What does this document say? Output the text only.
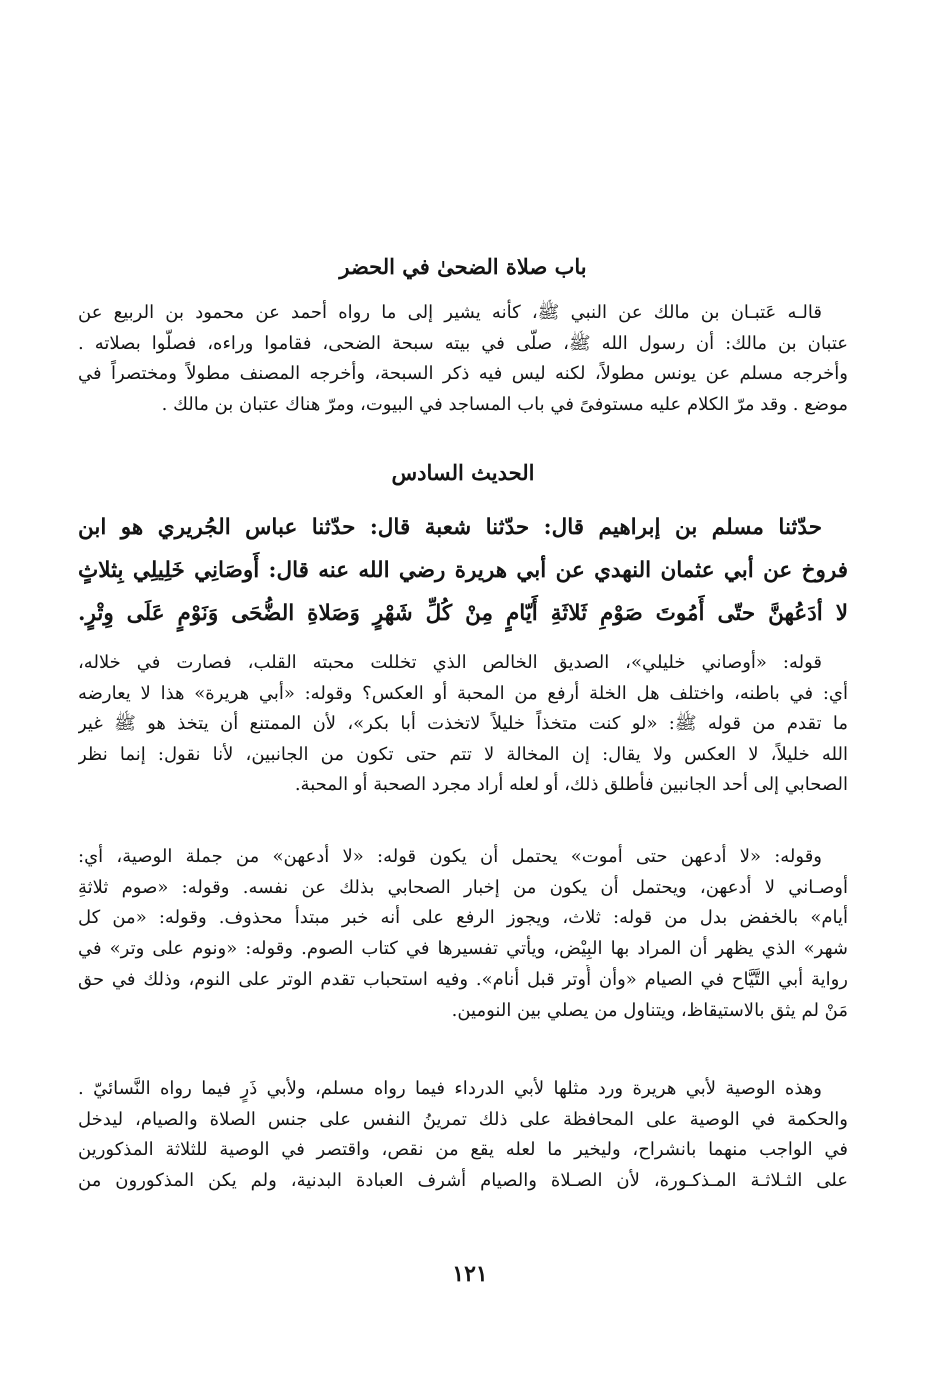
باب صلاة الضحىٰ في الحضر
قالـه عَتبـان بن مالك عن النبي ﷺ، كأنه يشير إلى ما رواه أحمد عن محمود بن الربيع عن
عتبان بن مالك: أن رسول الله ﷺ، صلّى في بيته سبحة الضحى، فقاموا وراءه، فصلّوا بصلاته .
وأخرجه مسلم عن يونس مطولاً، لكنه ليس فيه ذكر السبحة، وأخرجه المصنف مطولاً ومختصراً في
موضع . وقد مرّ الكلام عليه مستوفىً في باب المساجد في البيوت، ومرّ هناك عتبان بن مالك .
الحديث السادس
حدّثنا مسلم بن إبراهيم قال: حدّثنا شعبة قال: حدّثنا عباس الجُريري هو ابن
فروخ عن أبي عثمان النهدي عن أبي هريرة رضي الله عنه قال: أَوصَانِي خَلِيلِي بِثلاثٍ
لا أدَعُهنَّ حتّى أَمُوتَ صَوْمِ ثَلاثَةِ أَيّامٍ مِنْ كُلِّ شَهْرٍ وَصَلاةِ الضُّحَى وَنَوْمٍ عَلَى وِتْرٍ.
قوله: «أوصاني خليلي»، الصديق الخالص الذي تخللت محبته القلب، فصارت في خلاله،
أي: في باطنه، واختلف هل الخلة أرفع من المحبة أو العكس؟ وقوله: «أبي هريرة» هذا لا يعارضه
ما تقدم من قوله ﷺ: «لو كنت متخذاً خليلاً لاتخذت أبا بكر»، لأن الممتنع أن يتخذ هو ﷺ غير
الله خليلاً، لا العكس ولا يقال: إن المخالة لا تتم حتى تكون من الجانبين، لأنا نقول: إنما نظر
الصحابي إلى أحد الجانبين فأطلق ذلك، أو لعله أراد مجرد الصحبة أو المحبة.
وقوله: «لا أدعهن حتى أموت» يحتمل أن يكون قوله: «لا أدعهن» من جملة الوصية، أي:
أوصـاني لا أدعهن، ويحتمل أن يكون من إخبار الصحابي بذلك عن نفسه. وقوله: «صوم ثلاثةِ
أيام» بالخفض بدل من قوله: ثلاث، ويجوز الرفع على أنه خبر مبتدأ محذوف. وقوله: «من كل
شهر» الذي يظهر أن المراد بها البِيْض، ويأتي تفسيرها في كتاب الصوم. وقوله: «ونوم على وتر» في
رواية أبي التَّيَّاح في الصيام «وأن أُوتر قبل أنام». وفيه استحباب تقدم الوتر على النوم، وذلك في حق
مَنْ لم يثق بالاستيقاظ، ويتناول من يصلي بين النومين.
وهذه الوصية لأبي هريرة ورد مثلها لأبي الدرداء فيما رواه مسلم، ولأبي ذَرٍ فيما رواه النَّسائيّ .
والحكمة في الوصية على المحافظة على ذلك تمرينُ النفس على جنس الصلاة والصيام، ليدخل
في الواجب منهما بانشراح، وليخير ما لعله يقع من نقص، واقتصر في الوصية للثلاثة المذكورين
على الثـلاثـة المـذكـورة، لأن الصـلاة والصيام أشرف العبادة البدنية، ولم يكن المذكورون من
١٢١
